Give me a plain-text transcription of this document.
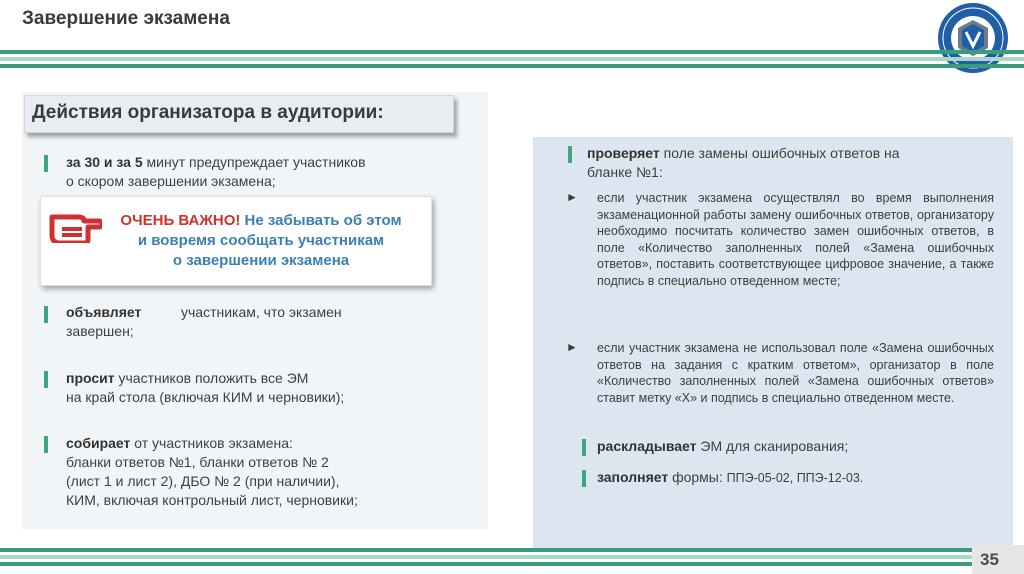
Завершение экзамена
Действия организатора в аудитории:
за 30 и за 5 минут предупреждает участников
о скором завершении экзамена;
ОЧЕНЬ ВАЖНО! Не забывать об этом
и вовремя сообщать участникам
о завершении экзамена
объявляет	участникам, что экзамен
завершен;
просит участников положить все ЭМ
на край стола (включая КИМ и черновики);
собирает от участников экзамена:
бланки ответов №1, бланки ответов № 2
(лист 1 и лист 2), ДБО № 2 (при наличии),
КИМ, включая контрольный лист, черновики;
проверяет поле замены ошибочных ответов на
бланке №1:
► если участник экзамена осуществлял во время выполнения экзаменационной работы замену ошибочных ответов, организатору необходимо посчитать количество замен ошибочных ответов, в поле «Количество заполненных полей «Замена ошибочных ответов», поставить соответствующее цифровое значение, а также подпись в специально отведенном месте;
► если участник экзамена не использовал поле «Замена ошибочных ответов на задания с кратким ответом», организатор в поле «Количество заполненных полей «Замена ошибочных ответов» ставит метку «Х» и подпись в специально отведенном месте.
раскладывает ЭМ для сканирования;
заполняет формы: ППЭ-05-02, ППЭ-12-03.
35
